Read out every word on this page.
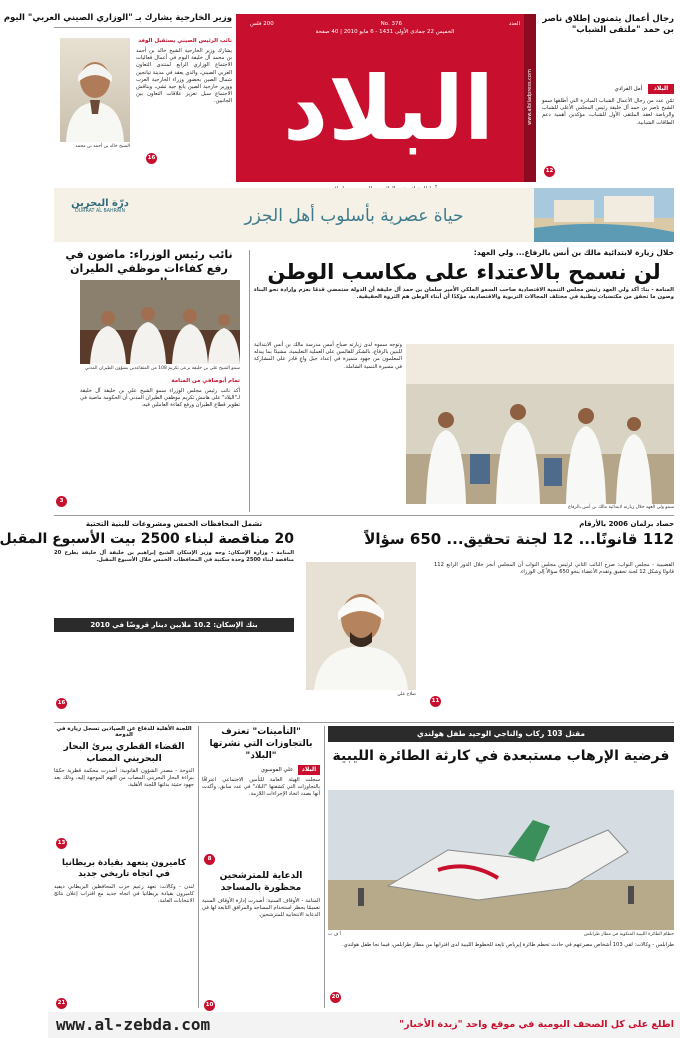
البلاد
العدد
No. 376
200 فلس
الخميس 22 جمادى الأولى 1431 - 6 مايو 2010 | 40 صفحة
www.albiladpress.com
وزير الخارجية يشارك بـ "الوزاري الصيني العربي" اليوم
الشيخ خالد بن أحمد بن محمد
نائب الرئيس الصيني يستقبل الوفد
يشارك وزير الخارجية الشيخ خالد بن أحمد بن محمد آل خليفة اليوم في أعمال فعاليات الاجتماع الوزاري الرابع لمنتدى التعاون العربي الصيني، والذي يعقد في مدينة تيانجين شمال الصين بحضور وزراء الخارجية العرب ووزير خارجية الصين يانغ جيه تشي، ويناقش الاجتماع سبل تعزيز علاقات التعاون بين الجانبين.
16
رجال أعمال يثمنون إطلاق ناصر بن حمد "ملتقى الشباب"
البلاد أمل الفرادي
ثمّن عدد من رجال الأعمال الشباب المبادرة التي أطلقها سمو الشيخ ناصر بن حمد آل خليفة رئيس المجلس الأعلى للشباب والرياضة لعقد الملتقى الأول للشباب، مؤكدين أهمية دعم الطاقات الشبابية.
12
حياة عصرية بأسلوب أهل الجزر
درّة البحرين
DURRAT AL BAHRAIN
نائب رئيس الوزراء: ماضون في رفع كفاءات موظفي الطيران
سمو الشيخ علي بن خليفة يرعى تكريم 108 من المتقاعدين بشؤون الطيران المدني
تمام أبوصافي من المنامة
أكد نائب رئيس مجلس الوزراء سمو الشيخ علي بن خليفة آل خليفة لـ"البلاد" على هامش تكريم موظفي الطيران المدني أن الحكومة ماضية في تطوير قطاع الطيران ورفع كفاءة العاملين فيه.
3
خلال زيارة لابتدائية مالك بن أنس بالرفاع... ولي العهد:
لن نسمح بالاعتداء على مكاسب الوطن
المنامة - بنا: أكد ولي العهد رئيس مجلس التنمية الاقتصادية صاحب السمو الملكي الأمير سلمان بن حمد آل خليفة أن الدولة ستمضي قدمًا بعزم وإرادة نحو البناء وصون ما تحقق من مكتسبات وطنية في مختلف المجالات التربوية والاقتصادية، مؤكدًا أن أبناء الوطن هم الثروة الحقيقية.
وتوجه سموه لدى زيارته صباح أمس مدرسة مالك بن أنس الابتدائية للبنين بالرفاع، بالشكر للقائمين على العملية التعليمية، مشيدًا بما يبذله المعلمون من جهود متميزة في إعداد جيل واعٍ قادر على المشاركة في مسيرة التنمية الشاملة.
سمو ولي العهد خلال زيارته لابتدائية مالك بن أنس بالرفاع
تشمل المحافظات الخمس ومشروعات للبنية التحتية
20 مناقصة لبناء 2500 بيت الأسبوع المقبل
المنامة - وزارة الإسكان: وجه وزير الإسكان الشيخ إبراهيم بن خليفة آل خليفة بطرح 20 مناقصة لبناء 2500 وحدة سكنية في المحافظات الخمس خلال الأسبوع المقبل.
بنك الإسكان: 10.2 ملايين دينار قروضًا في 2010
16
حصاد برلمان 2006 بالأرقام
112 قانونًا... 12 لجنة تحقيق... 650 سؤالاً
القضيبية - مجلس النواب: صرح النائب الثاني لرئيس مجلس النواب أن المجلس أنجز خلال الدور الرابع 112 قانونًا وشكل 12 لجنة تحقيق وتقدم الأعضاء بنحو 650 سؤالاً إلى الوزراء.
صلاح علي
11
اللجنة الأهلية للدفاع عن الصيادين تسجل زيارة في الدوحة
القضاء القطري يبرئ البحار البحريني المصاب
الدوحة - مصدر الشؤون القانونية: أصدرت محكمة قطرية حكمًا ببراءة البحار البحريني المصاب من التهم الموجهة إليه، وذلك بعد جهود حثيثة بذلتها اللجنة الأهلية.
13
كاميرون يتعهد بقيادة بريطانيا في اتجاه تاريخي جديد
لندن - وكالات: تعهد زعيم حزب المحافظين البريطاني ديفيد كاميرون بقيادة بريطانيا في اتجاه جديد مع اقتراب إعلان نتائج الانتخابات العامة.
21
"التأمينات" تعترف
بالتجاوزات التي نشرتها "البلاد"
البلاد علي الموسوي
سجلت الهيئة العامة للتأمين الاجتماعي اعترافًا بالتجاوزات التي كشفتها "البلاد" في عدد سابق، وأكدت أنها بصدد اتخاذ الإجراءات اللازمة.
8
الدعاية للمترشحين محظورة بالمساجد
المنامة - الأوقاف السنية: أصدرت إدارة الأوقاف السنية تعميمًا يحظر استخدام المساجد والمرافق التابعة لها في الدعاية الانتخابية للمترشحين.
10
مقتل 103 ركاب والناجي الوحيد طفل هولندي
فرضية الإرهاب مستبعدة في كارثة الطائرة الليبية
حطام الطائرة الليبية المنكوبة في مطار طرابلس
أ ف ب
طرابلس - وكالات: لقي 103 أشخاص مصرعهم في حادث تحطم طائرة إيرباص تابعة للخطوط الليبية لدى اقترابها من مطار طرابلس، فيما نجا طفل هولندي.
20
www.al-zebda.com	اطلع على كل الصحف اليومية في موقع واحد "زبدة الأخبار"
